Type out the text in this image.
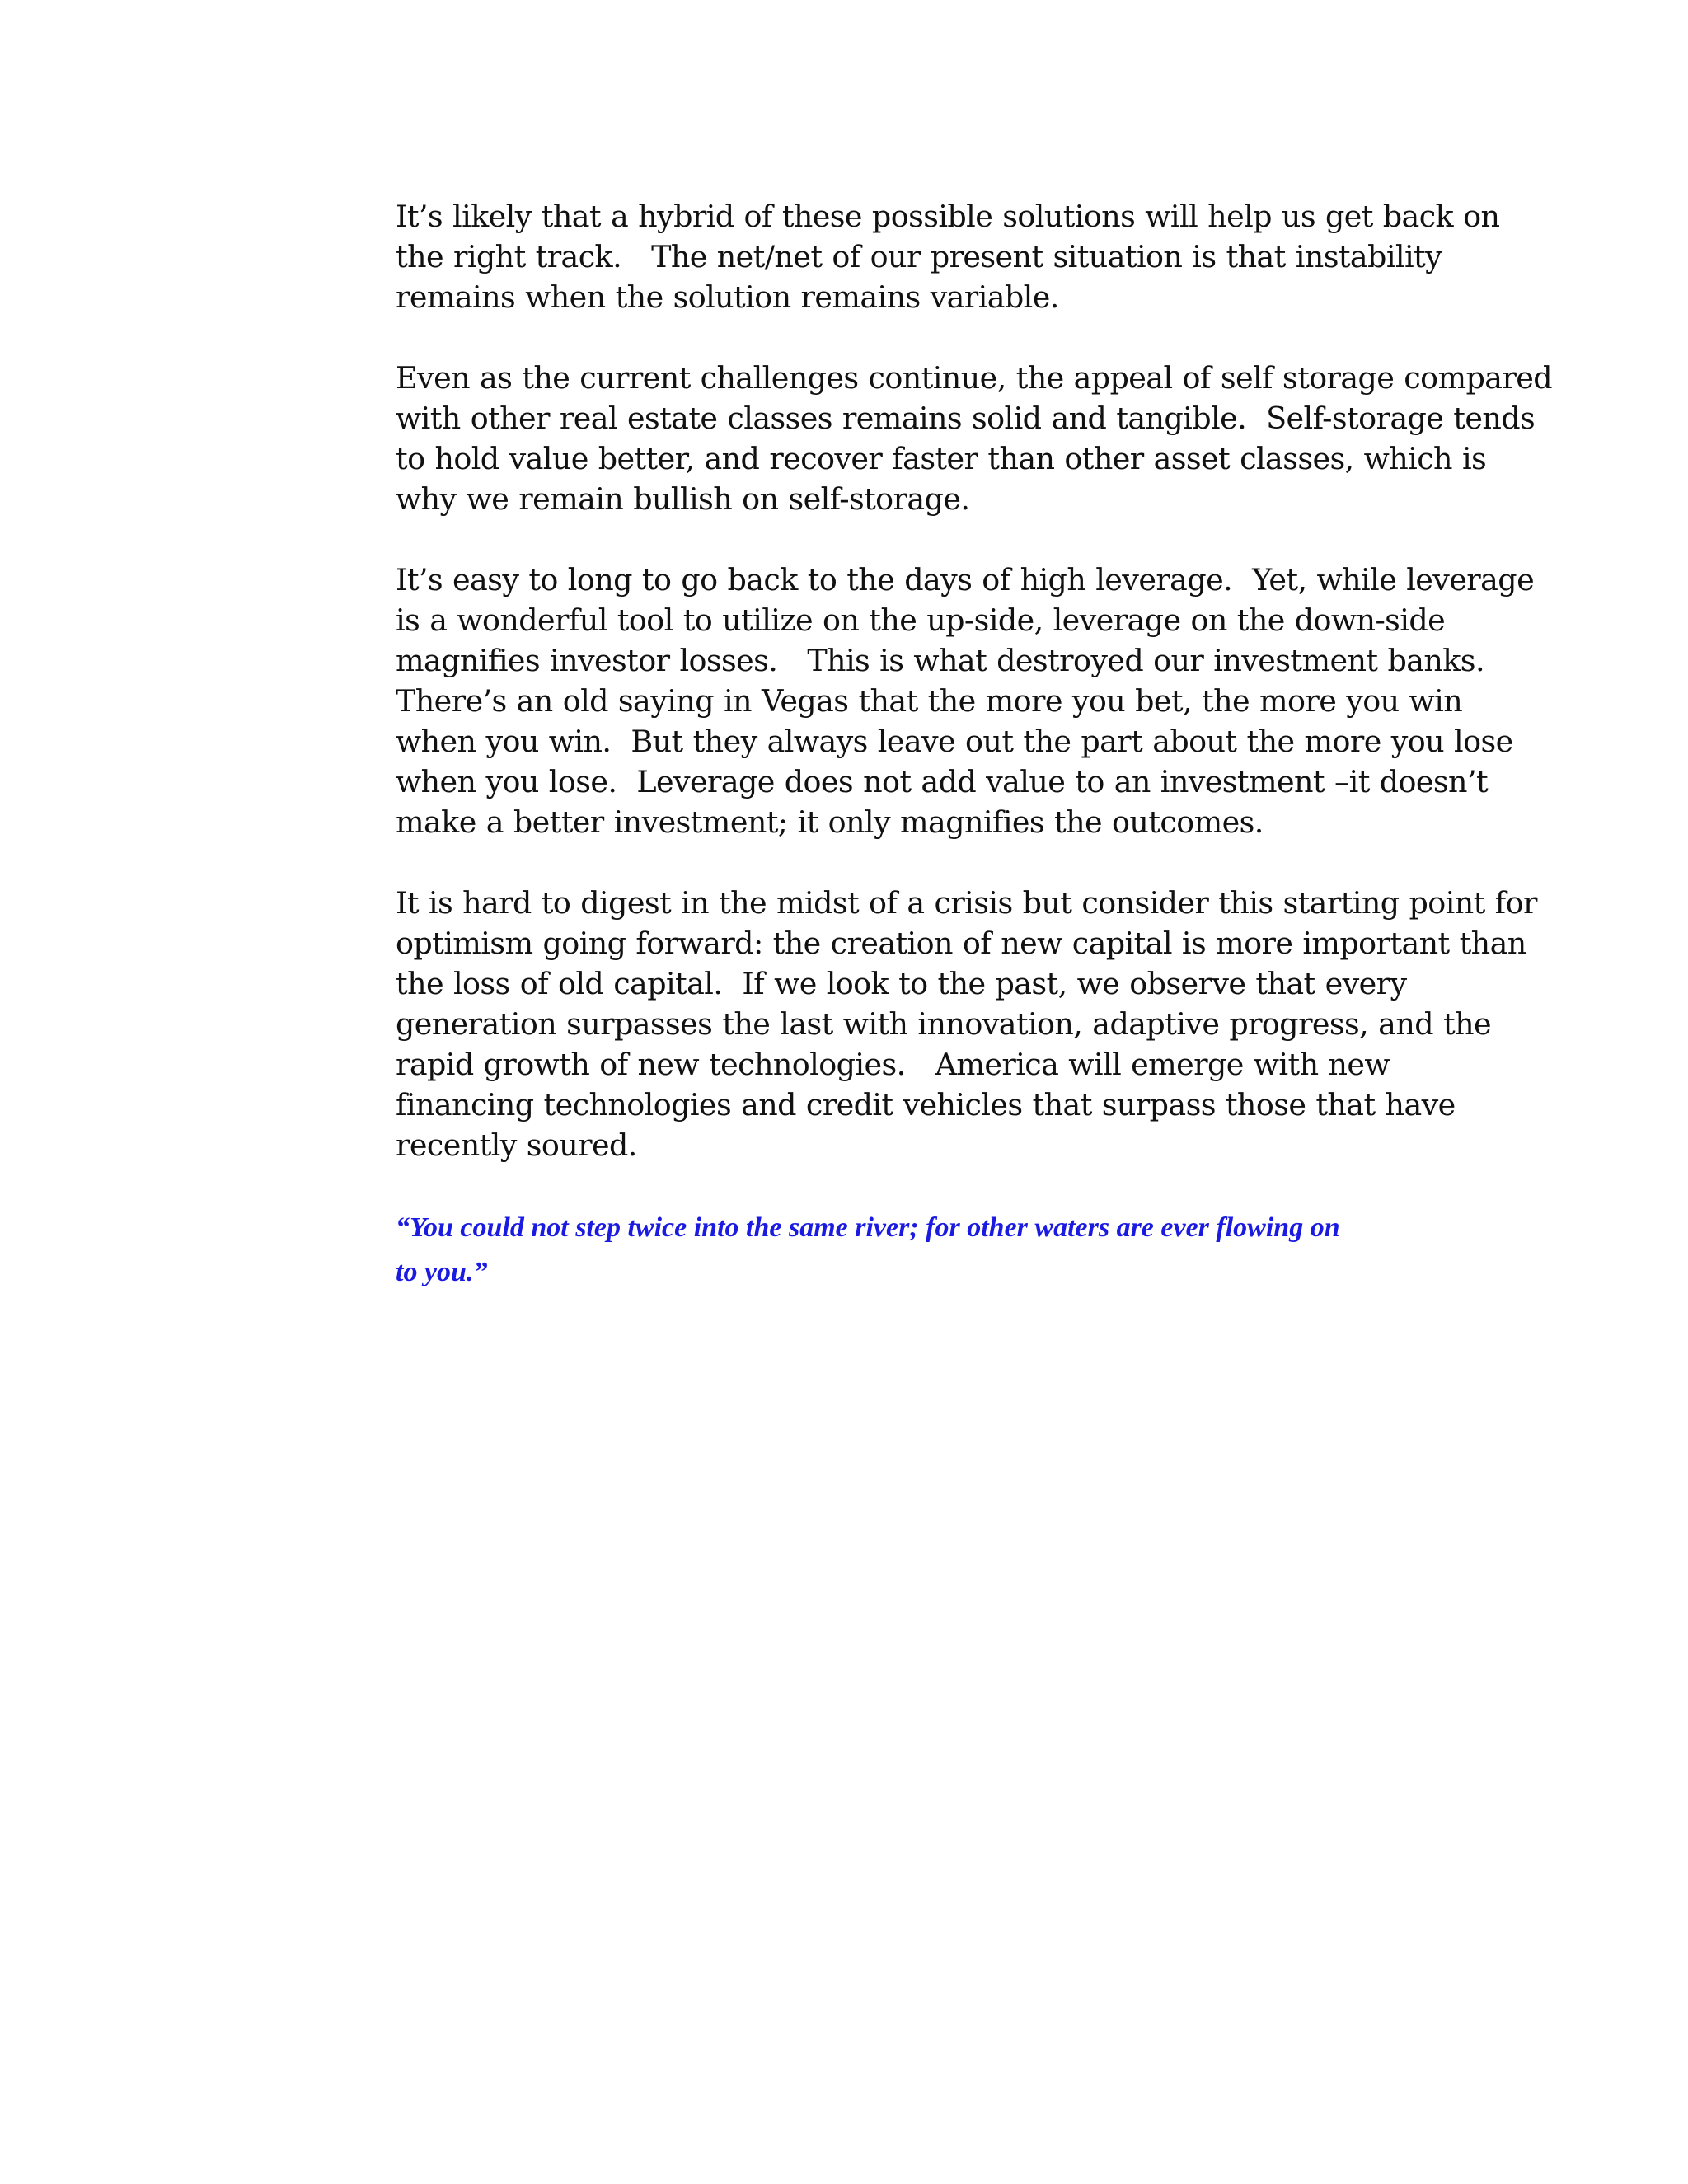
It’s likely that a hybrid of these possible solutions will help us get back on
the right track.   The net/net of our present situation is that instability
remains when the solution remains variable.

Even as the current challenges continue, the appeal of self storage compared
with other real estate classes remains solid and tangible.  Self-storage tends
to hold value better, and recover faster than other asset classes, which is
why we remain bullish on self-storage.

It’s easy to long to go back to the days of high leverage.  Yet, while leverage
is a wonderful tool to utilize on the up-side, leverage on the down-side
magnifies investor losses.   This is what destroyed our investment banks.
There’s an old saying in Vegas that the more you bet, the more you win
when you win.  But they always leave out the part about the more you lose
when you lose.  Leverage does not add value to an investment –it doesn’t
make a better investment; it only magnifies the outcomes.

It is hard to digest in the midst of a crisis but consider this starting point for
optimism going forward: the creation of new capital is more important than
the loss of old capital.  If we look to the past, we observe that every
generation surpasses the last with innovation, adaptive progress, and the
rapid growth of new technologies.   America will emerge with new
financing technologies and credit vehicles that surpass those that have
recently soured.

“You could not step twice into the same river; for other waters are ever flowing on
to you.”
